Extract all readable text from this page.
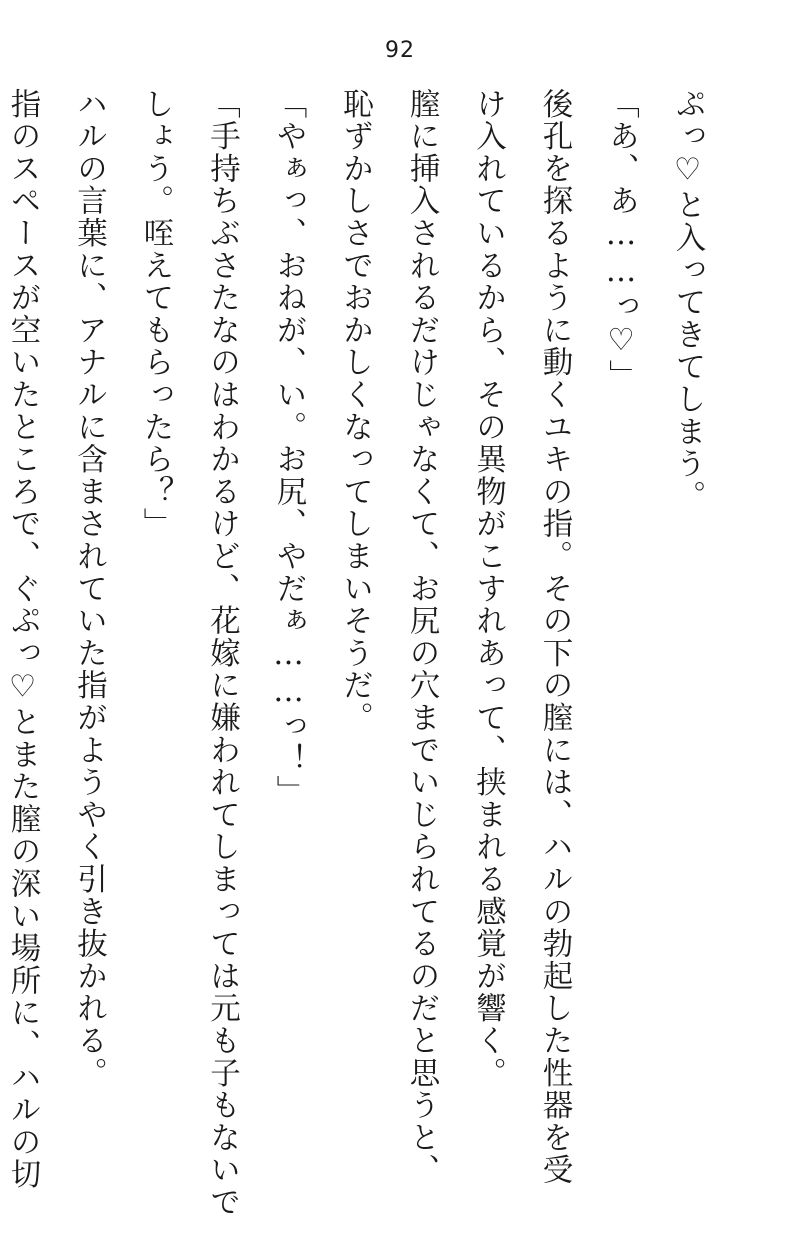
92
ぷっ♡と入ってきてしまう。
「あ、あ……っ♡」
後孔を探るように動くユキの指。その下の膣には、ハルの勃起した性器を受
け入れているから、その異物がこすれあって、挟まれる感覚が響く。
膣に挿入されるだけじゃなくて、お尻の穴までいじられてるのだと思うと、
恥ずかしさでおかしくなってしまいそうだ。
「やぁっ、おねが、い。お尻、やだぁ……っ！」
「手持ちぶさたなのはわかるけど、花嫁に嫌われてしまっては元も子もないで
しょう。咥えてもらったら？」
ハルの言葉に、アナルに含まされていた指がようやく引き抜かれる。
指のスペースが空いたところで、ぐぷっ♡とまた膣の深い場所に、ハルの切
